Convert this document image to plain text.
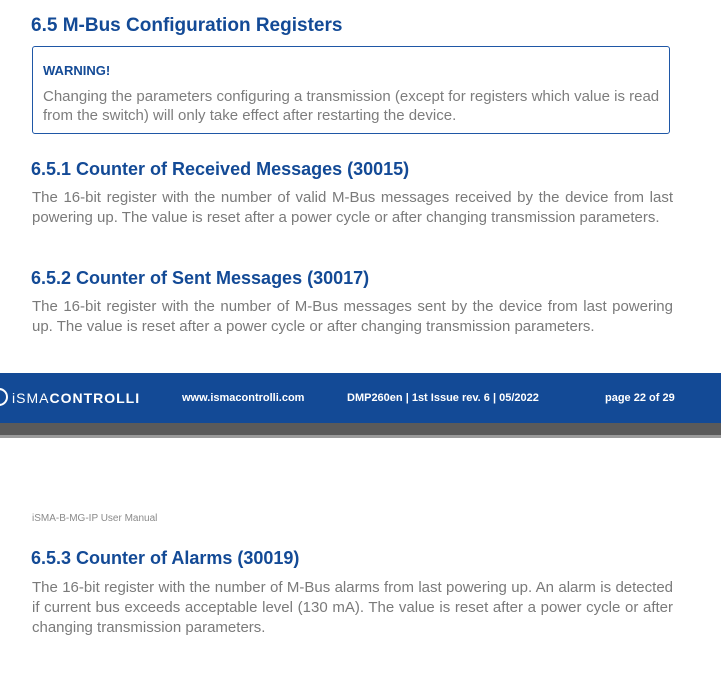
6.5 M-Bus Configuration Registers
WARNING!
Changing the parameters configuring a transmission (except for registers which value is read from the switch) will only take effect after restarting the device.
6.5.1 Counter of Received Messages (30015)

The 16-bit register with the number of valid M-Bus messages received by the device from last powering up. The value is reset after a power cycle or after changing transmission parameters.

6.5.2 Counter of Sent Messages (30017)

The 16-bit register with the number of M-Bus messages sent by the device from last powering up. The value is reset after a power cycle or after changing transmission parameters.

iSMACONTROLLI	www.ismacontrolli.com	DMP260en | 1st Issue rev. 6 | 05/2022	page 22 of 29
iSMA-B-MG-IP User Manual
6.5.3 Counter of Alarms (30019)

The 16-bit register with the number of M-Bus alarms from last powering up. An alarm is detected if current bus exceeds acceptable level (130 mA). The value is reset after a power cycle or after changing transmission parameters.
